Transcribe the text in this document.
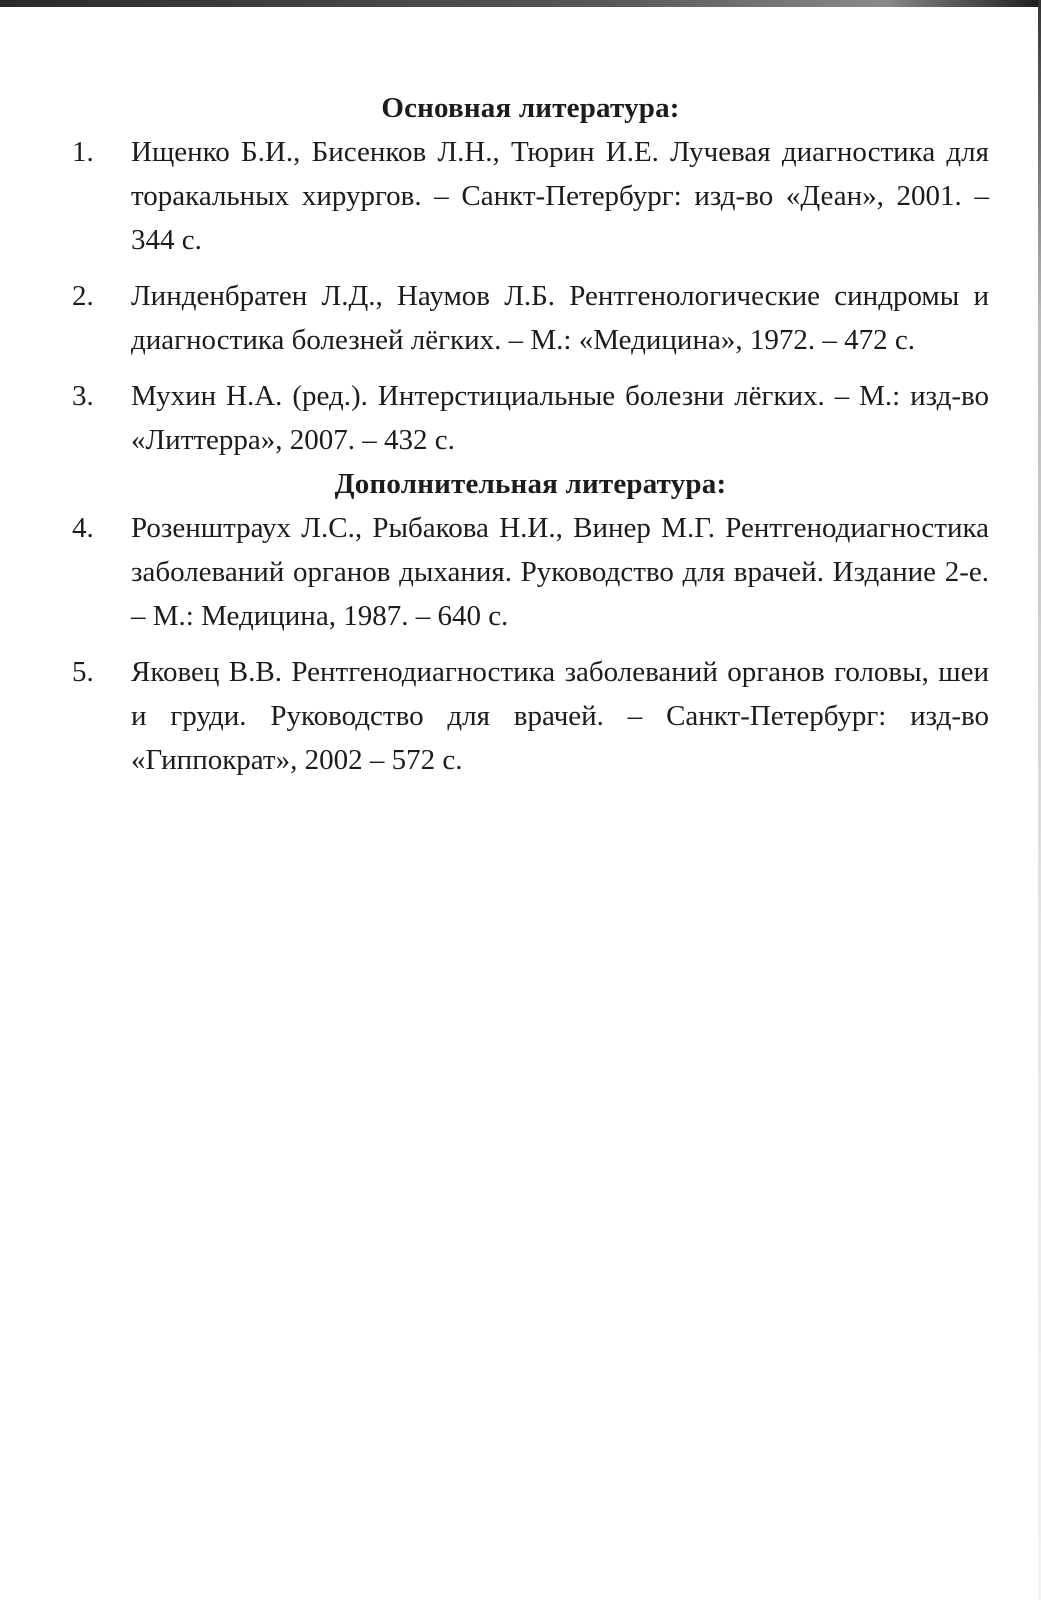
Основная литература:
1.	Ищенко Б.И., Бисенков Л.Н., Тюрин И.Е. Лучевая диагностика для торакальных хирургов. – Санкт-Петербург: изд-во «Деан», 2001. – 344 с.
2.	Линденбратен Л.Д., Наумов Л.Б. Рентгенологические синдромы и диагностика болезней лёгких. – М.: «Медицина», 1972. – 472 с.
3.	Мухин Н.А. (ред.). Интерстициальные болезни лёгких. – М.: изд-во «Литтерра», 2007. – 432 с.
Дополнительная литература:
4.	Розенштраух Л.С., Рыбакова Н.И., Винер М.Г. Рентгенодиагностика заболеваний органов дыхания. Руководство для врачей. Издание 2-е. – М.: Медицина, 1987. – 640 с.
5.	Яковец В.В. Рентгенодиагностика заболеваний органов головы, шеи и груди. Руководство для врачей. – Санкт-Петербург: изд-во «Гиппократ», 2002 – 572 с.
